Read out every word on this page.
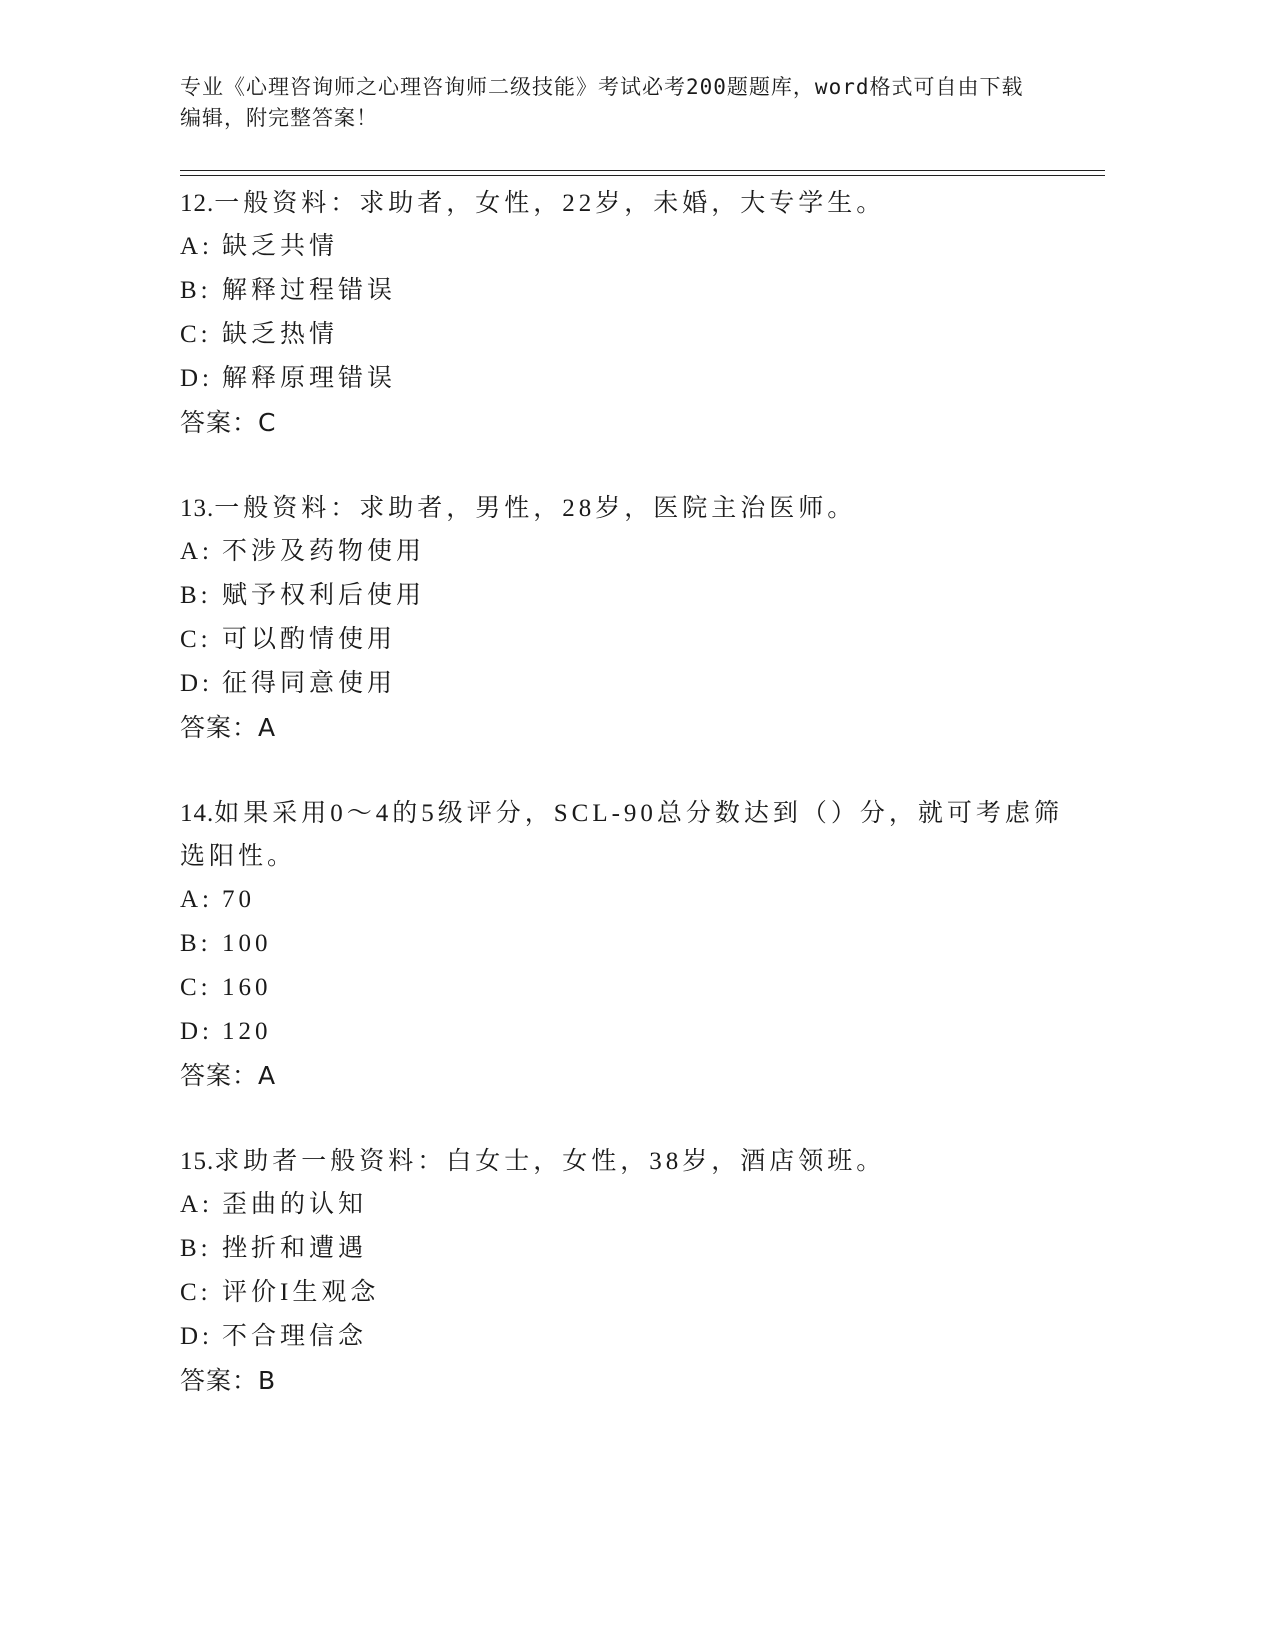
专业《心理咨询师之心理咨询师二级技能》考试必考200题题库，word格式可自由下载编辑，附完整答案！
12.一般资料：求助者，女性，22岁，未婚，大专学生。
A: 缺乏共情
B: 解释过程错误
C: 缺乏热情
D: 解释原理错误
答案：C
13.一般资料：求助者，男性，28岁，医院主治医师。
A: 不涉及药物使用
B: 赋予权利后使用
C: 可以酌情使用
D: 征得同意使用
答案：A
14.如果采用0～4的5级评分，SCL-90总分数达到（）分，就可考虑筛选阳性。
A: 70
B: 100
C: 160
D: 120
答案：A
15.求助者一般资料：白女士，女性，38岁，酒店领班。
A: 歪曲的认知
B: 挫折和遭遇
C: 评价I生观念
D: 不合理信念
答案：B
